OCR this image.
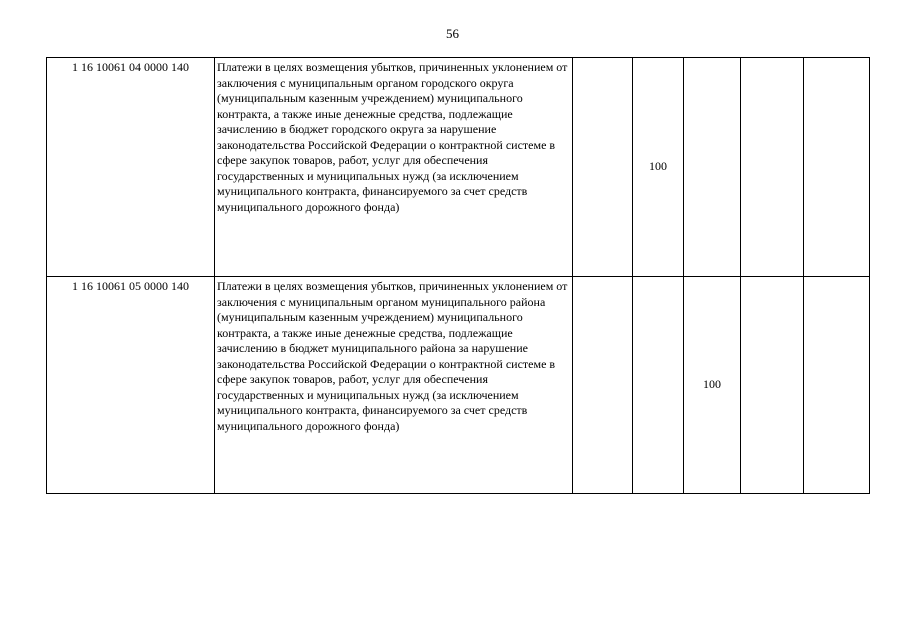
56
1 16 10061 04 0000 140	Платежи в целях возмещения убытков, причиненных уклонением от заключения с муниципальным органом городского округа (муниципальным казенным учреждением) муниципального контракта, а также иные денежные средства, подлежащие зачислению в бюджет городского округа за нарушение законодательства Российской Федерации о контрактной системе в сфере закупок товаров, работ, услуг для обеспечения государственных и муниципальных нужд (за исключением муниципального контракта, финансируемого за счет средств муниципального дорожного фонда)		100			
1 16 10061 05 0000 140	Платежи в целях возмещения убытков, причиненных уклонением от заключения с муниципальным органом муниципального района (муниципальным казенным учреждением) муниципального контракта, а также иные денежные средства, подлежащие зачислению в бюджет муниципального района за нарушение законодательства Российской Федерации о контрактной системе в сфере закупок товаров, работ, услуг для обеспечения государственных и муниципальных нужд (за исключением муниципального контракта, финансируемого за счет средств муниципального дорожного фонда)			100		
